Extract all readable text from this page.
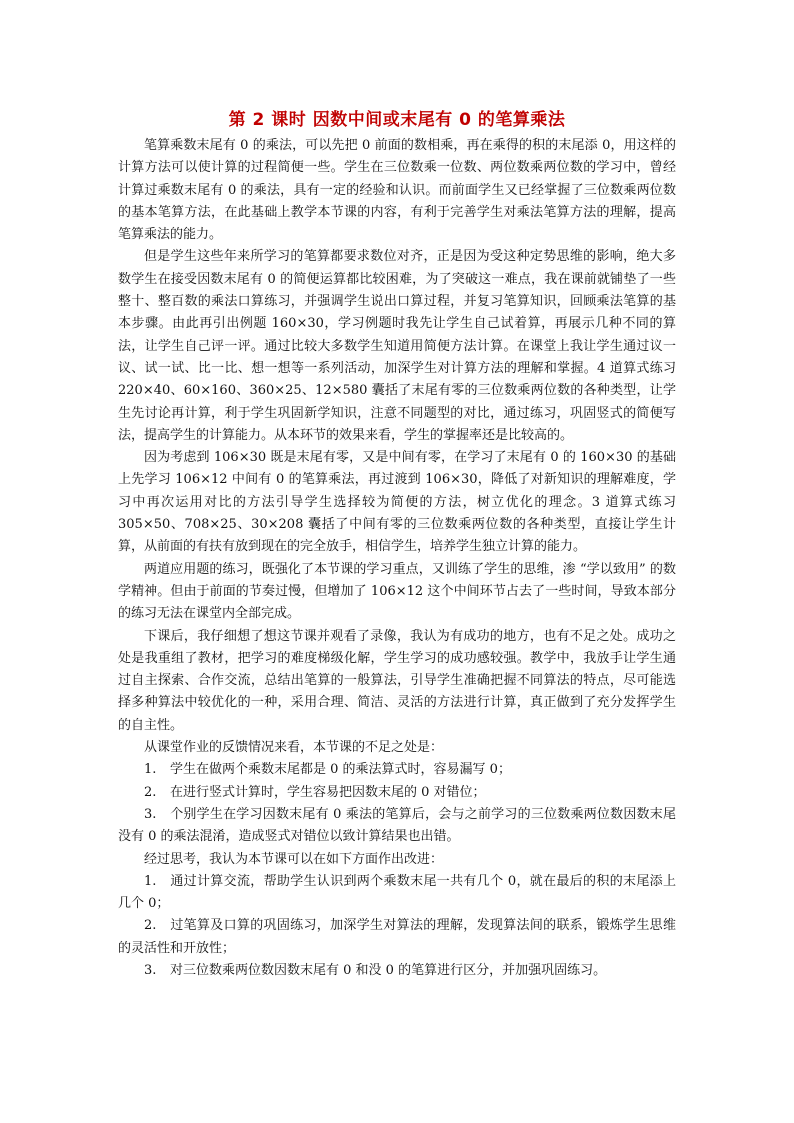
第 2 课时 因数中间或末尾有 0 的笔算乘法

笔算乘数末尾有 0 的乘法，可以先把 0 前面的数相乘，再在乘得的积的末尾添 0，用这样的计算方法可以使计算的过程简便一些。学生在三位数乘一位数、两位数乘两位数的学习中，曾经计算过乘数末尾有 0 的乘法，具有一定的经验和认识。而前面学生又已经掌握了三位数乘两位数的基本笔算方法，在此基础上教学本节课的内容，有利于完善学生对乘法笔算方法的理解，提高笔算乘法的能力。

但是学生这些年来所学习的笔算都要求数位对齐，正是因为受这种定势思维的影响，绝大多数学生在接受因数末尾有 0 的简便运算都比较困难，为了突破这一难点，我在课前就铺垫了一些整十、整百数的乘法口算练习，并强调学生说出口算过程，并复习笔算知识，回顾乘法笔算的基本步骤。由此再引出例题 160×30，学习例题时我先让学生自己试着算，再展示几种不同的算法，让学生自己评一评。通过比较大多数学生知道用简便方法计算。在课堂上我让学生通过议一议、试一试、比一比、想一想等一系列活动，加深学生对计算方法的理解和掌握。4 道算式练习 220×40、60×160、360×25、12×580 囊括了末尾有零的三位数乘两位数的各种类型，让学生先讨论再计算，利于学生巩固新学知识，注意不同题型的对比，通过练习，巩固竖式的简便写法，提高学生的计算能力。从本环节的效果来看，学生的掌握率还是比较高的。

因为考虑到 106×30 既是末尾有零，又是中间有零，在学习了末尾有 0 的 160×30 的基础上先学习 106×12 中间有 0 的笔算乘法，再过渡到 106×30，降低了对新知识的理解难度，学习中再次运用对比的方法引导学生选择较为简便的方法，树立优化的理念。3 道算式练习 305×50、708×25、30×208 囊括了中间有零的三位数乘两位数的各种类型，直接让学生计算，从前面的有扶有放到现在的完全放手，相信学生，培养学生独立计算的能力。

两道应用题的练习，既强化了本节课的学习重点，又训练了学生的思维，渗 “学以致用” 的数学精神。但由于前面的节奏过慢，但增加了 106×12 这个中间环节占去了一些时间，导致本部分的练习无法在课堂内全部完成。

下课后，我仔细想了想这节课并观看了录像，我认为有成功的地方，也有不足之处。成功之处是我重组了教材，把学习的难度梯级化解，学生学习的成功感较强。教学中，我放手让学生通过自主探索、合作交流，总结出笔算的一般算法，引导学生准确把握不同算法的特点，尽可能选择多种算法中较优化的一种，采用合理、简洁、灵活的方法进行计算，真正做到了充分发挥学生的自主性。

从课堂作业的反馈情况来看，本节课的不足之处是：

1. 学生在做两个乘数末尾都是 0 的乘法算式时，容易漏写 0；

2. 在进行竖式计算时，学生容易把因数末尾的 0 对错位；

3. 个别学生在学习因数末尾有 0 乘法的笔算后，会与之前学习的三位数乘两位数因数末尾没有 0 的乘法混淆，造成竖式对错位以致计算结果也出错。

经过思考，我认为本节课可以在如下方面作出改进：

1. 通过计算交流，帮助学生认识到两个乘数末尾一共有几个 0，就在最后的积的末尾添上几个 0；

2. 过笔算及口算的巩固练习，加深学生对算法的理解，发现算法间的联系，锻炼学生思维的灵活性和开放性；

3. 对三位数乘两位数因数末尾有 0 和没 0 的笔算进行区分，并加强巩固练习。
